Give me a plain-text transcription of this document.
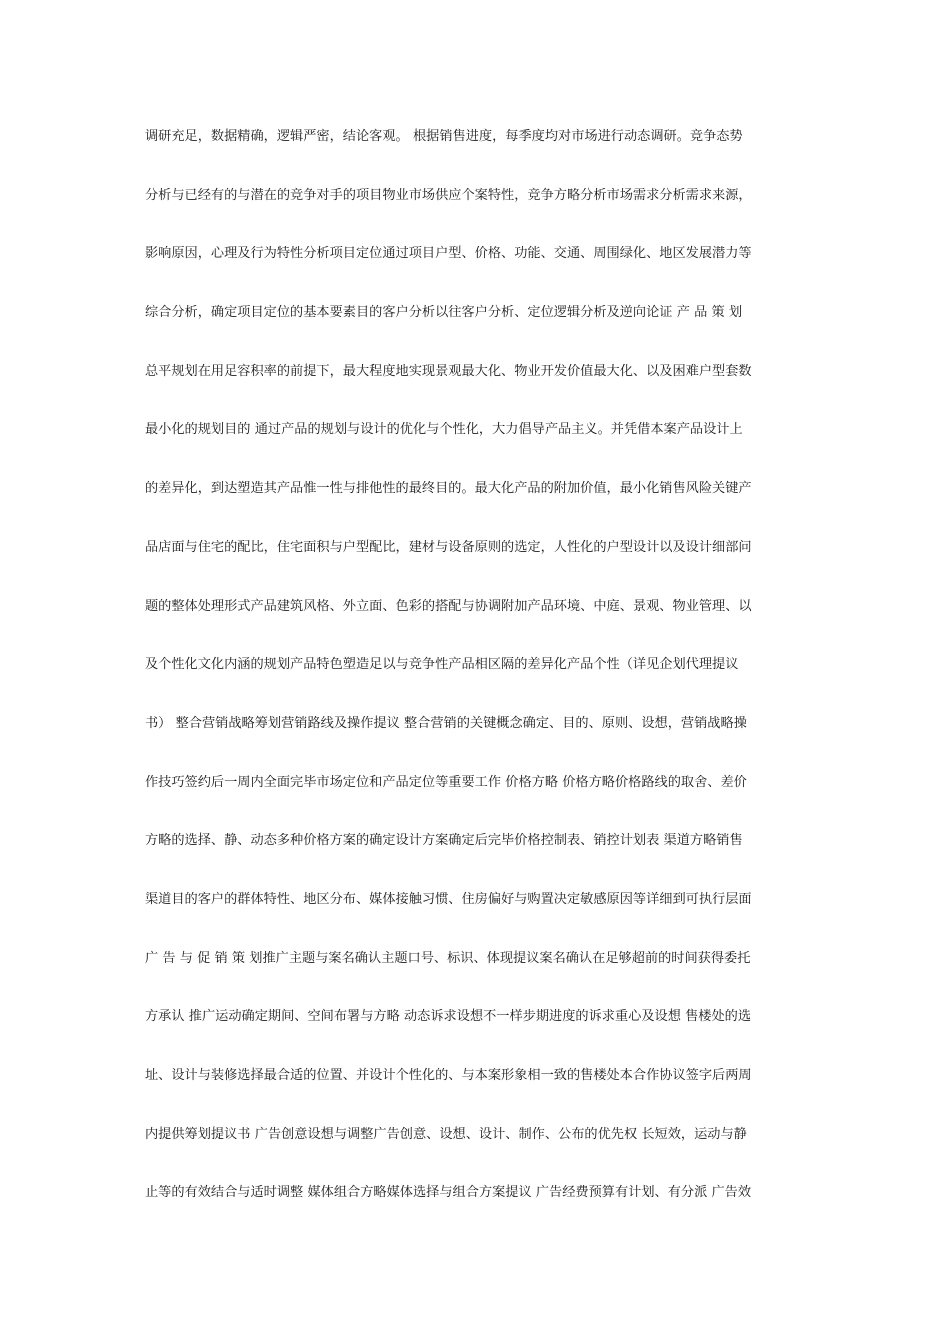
调研充足，数据精确，逻辑严密，结论客观。 根据销售进度，每季度均对市场进行动态调研。竞争态势
分析与已经有的与潜在的竞争对手的项目物业市场供应个案特性，竞争方略分析市场需求分析需求来源，
影响原因，心理及行为特性分析项目定位通过项目户型、价格、功能、交通、周围绿化、地区发展潜力等
综合分析，确定项目定位的基本要素目的客户分析以往客户分析、定位逻辑分析及逆向论证 产 品 策 划
总平规划在用足容积率的前提下，最大程度地实现景观最大化、物业开发价值最大化、以及困难户型套数
最小化的规划目的 通过产品的规划与设计的优化与个性化，大力倡导产品主义。并凭借本案产品设计上
的差异化，到达塑造其产品惟一性与排他性的最终目的。最大化产品的附加价值，最小化销售风险关键产
品店面与住宅的配比，住宅面积与户型配比，建材与设备原则的选定，人性化的户型设计以及设计细部问
题的整体处理形式产品建筑风格、外立面、色彩的搭配与协调附加产品环境、中庭、景观、物业管理、以
及个性化文化内涵的规划产品特色塑造足以与竞争性产品相区隔的差异化产品个性（详见企划代理提议
书） 整合营销战略筹划营销路线及操作提议 整合营销的关键概念确定、目的、原则、设想，营销战略操
作技巧签约后一周内全面完毕市场定位和产品定位等重要工作 价格方略 价格方略价格路线的取舍、差价
方略的选择、静、动态多种价格方案的确定设计方案确定后完毕价格控制表、销控计划表 渠道方略销售
渠道目的客户的群体特性、地区分布、媒体接触习惯、住房偏好与购置决定敏感原因等详细到可执行层面
广 告 与 促 销 策 划推广主题与案名确认主题口号、标识、体现提议案名确认在足够超前的时间获得委托
方承认 推广运动确定期间、空间布署与方略 动态诉求设想不一样步期进度的诉求重心及设想 售楼处的选
址、设计与装修选择最合适的位置、并设计个性化的、与本案形象相一致的售楼处本合作协议签字后两周
内提供筹划提议书 广告创意设想与调整广告创意、设想、设计、制作、公布的优先权 长短效，运动与静
止等的有效结合与适时调整 媒体组合方略媒体选择与组合方案提议 广告经费预算有计划、有分派 广告效
